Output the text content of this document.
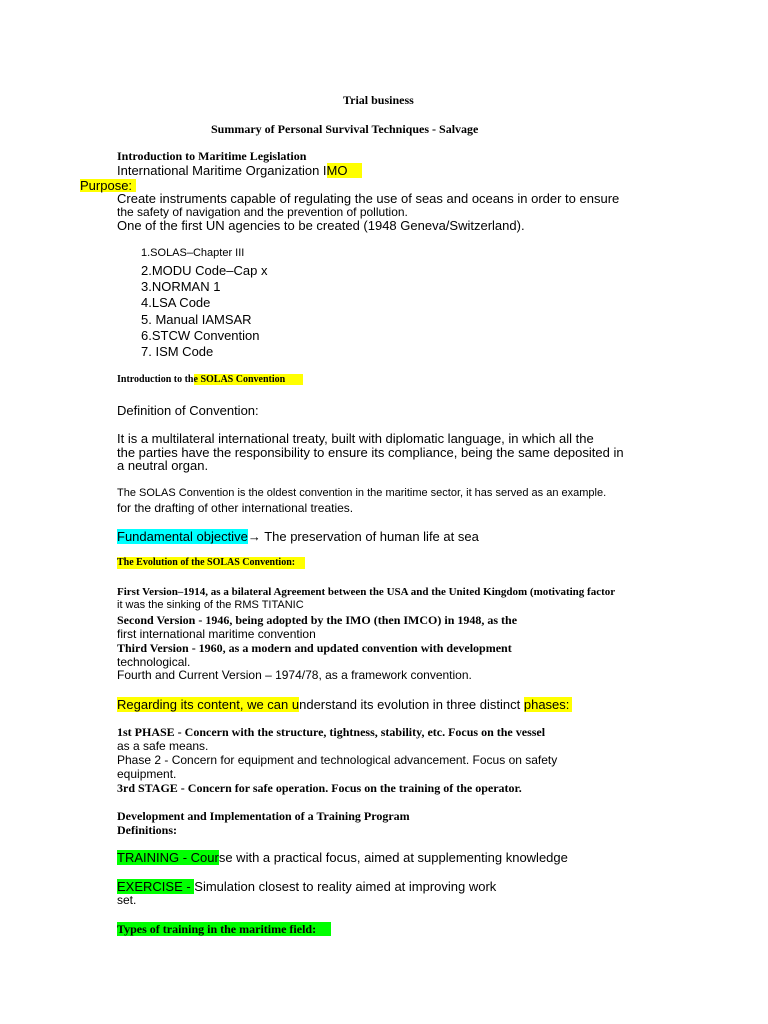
Trial business
Summary of Personal Survival Techniques - Salvage
Introduction to Maritime Legislation
International Maritime Organization IMO
Purpose:
Create instruments capable of regulating the use of seas and oceans in order to ensure
the safety of navigation and the prevention of pollution.
One of the first UN agencies to be created (1948 Geneva/Switzerland).
1.SOLAS–Chapter III
2.MODU Code–Cap x
3.NORMAN 1
4.LSA Code
5. Manual IAMSAR
6.STCW Convention
7. ISM Code
Introduction to the SOLAS Convention
Definition of Convention:
It is a multilateral international treaty, built with diplomatic language, in which all the
the parties have the responsibility to ensure its compliance, being the same deposited in
a neutral organ.
The SOLAS Convention is the oldest convention in the maritime sector, it has served as an example.
for the drafting of other international treaties.
Fundamental objective→ The preservation of human life at sea
The Evolution of the SOLAS Convention:
First Version–1914, as a bilateral Agreement between the USA and the United Kingdom (motivating factor
it was the sinking of the RMS TITANIC
Second Version - 1946, being adopted by the IMO (then IMCO) in 1948, as the
first international maritime convention
Third Version - 1960, as a modern and updated convention with development
technological.
Fourth and Current Version – 1974/78, as a framework convention.
Regarding its content, we can understand its evolution in three distinct phases:
1st PHASE - Concern with the structure, tightness, stability, etc. Focus on the vessel
as a safe means.
Phase 2 - Concern for equipment and technological advancement. Focus on safety
equipment.
3rd STAGE - Concern for safe operation. Focus on the training of the operator.
Development and Implementation of a Training Program
Definitions:
TRAINING - Course with a practical focus, aimed at supplementing knowledge
EXERCISE - Simulation closest to reality aimed at improving work
set.
Types of training in the maritime field:
